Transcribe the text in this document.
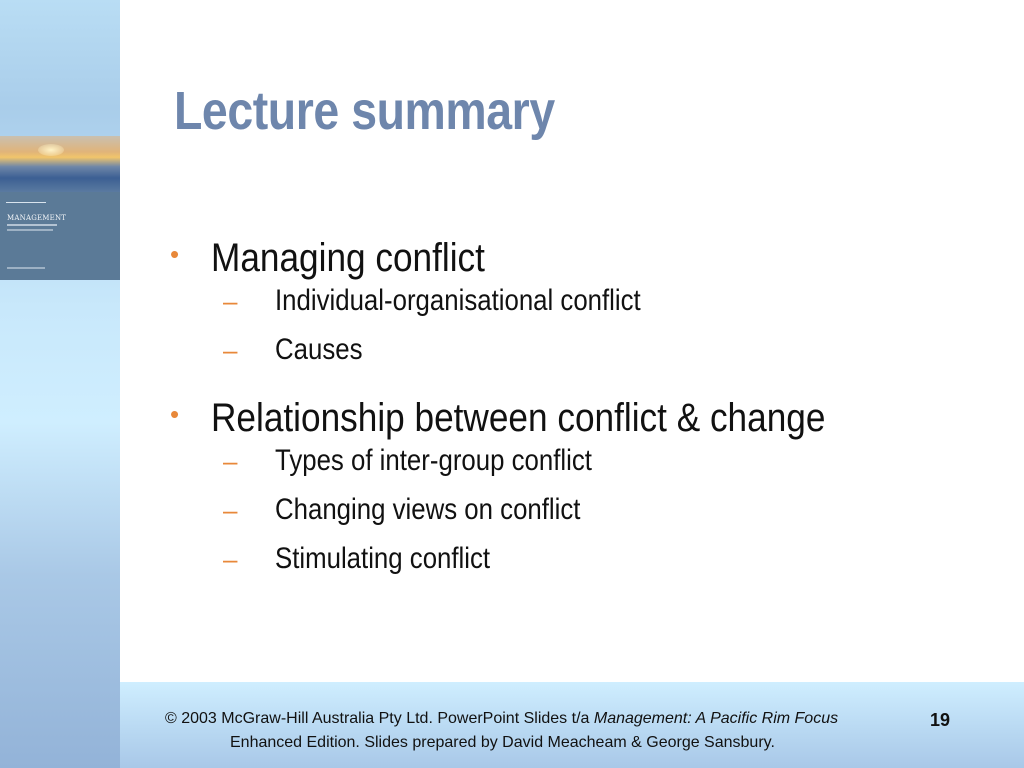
MANAGEMENT
Lecture summary
• Managing conflict
– Individual-organisational conflict
– Causes
• Relationship between conflict & change
– Types of inter-group conflict
– Changing views on conflict
– Stimulating conflict
© 2003 McGraw-Hill Australia Pty Ltd. PowerPoint Slides t/a Management: A Pacific Rim Focus
Enhanced Edition. Slides prepared by David Meacheam & George Sansbury.
19
